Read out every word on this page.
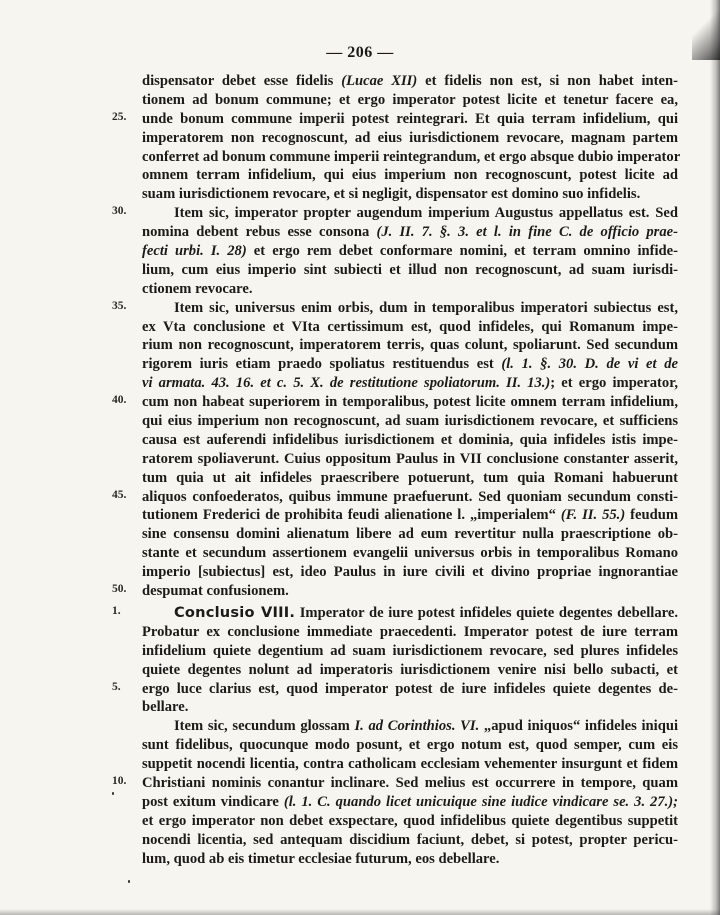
— 206 —
25.
30.
35.
40.
45.
50.
dispensator debet esse fidelis (Lucae XII) et fidelis non est, si non habet inten-
tionem ad bonum commune; et ergo imperator potest licite et tenetur facere ea,
unde bonum commune imperii potest reintegrari. Et quia terram infidelium, qui
imperatorem non recognoscunt, ad eius iurisdictionem revocare, magnam partem
conferret ad bonum commune imperii reintegrandum, et ergo absque dubio imperator
omnem terram infidelium, qui eius imperium non recognoscunt, potest licite ad
suam iurisdictionem revocare, et si negligit, dispensator est domino suo infidelis.
Item sic, imperator propter augendum imperium Augustus appellatus est. Sed
nomina debent rebus esse consona (J. II. 7. §. 3. et l. in fine C. de officio prae-
fecti urbi. I. 28) et ergo rem debet conformare nomini, et terram omnino infide-
lium, cum eius imperio sint subiecti et illud non recognoscunt, ad suam iurisdi-
ctionem revocare.
Item sic, universus enim orbis, dum in temporalibus imperatori subiectus est,
ex Vta conclusione et VIta certissimum est, quod infideles, qui Romanum impe-
rium non recognoscunt, imperatorem terris, quas colunt, spoliarunt. Sed secundum
rigorem iuris etiam praedo spoliatus restituendus est (l. 1. §. 30. D. de vi et de
vi armata. 43. 16. et c. 5. X. de restitutione spoliatorum. II. 13.); et ergo imperator,
cum non habeat superiorem in temporalibus, potest licite omnem terram infidelium,
qui eius imperium non recognoscunt, ad suam iurisdictionem revocare, et sufficiens
causa est auferendi infidelibus iurisdictionem et dominia, quia infideles istis impe-
ratorem spoliaverunt. Cuius oppositum Paulus in VII conclusione constanter asserit,
tum quia ut ait infideles praescribere potuerunt, tum quia Romani habuerunt
aliquos confoederatos, quibus immune praefuerunt. Sed quoniam secundum consti-
tutionem Frederici de prohibita feudi alienatione l. „imperialem“ (F. II. 55.) feudum
sine consensu domini alienatum libere ad eum revertitur nulla praescriptione ob-
stante et secundum assertionem evangelii universus orbis in temporalibus Romano
imperio [subiectus] est, ideo Paulus in iure civili et divino propriae ingnorantiae
despumat confusionem.
1.
5.
10.
Conclusio VIII. Imperator de iure potest infideles quiete degentes debellare.
Probatur ex conclusione immediate praecedenti. Imperator potest de iure terram
infidelium quiete degentium ad suam iurisdictionem revocare, sed plures infideles
quiete degentes nolunt ad imperatoris iurisdictionem venire nisi bello subacti, et
ergo luce clarius est, quod imperator potest de iure infideles quiete degentes de-
bellare.
Item sic, secundum glossam I. ad Corinthios. VI. „apud iniquos“ infideles iniqui
sunt fidelibus, quocunque modo posunt, et ergo notum est, quod semper, cum eis
suppetit nocendi licentia, contra catholicam ecclesiam vehementer insurgunt et fidem
Christiani nominis conantur inclinare. Sed melius est occurrere in tempore, quam
post exitum vindicare (l. 1. C. quando licet unicuique sine iudice vindicare se. 3. 27.);
et ergo imperator non debet exspectare, quod infidelibus quiete degentibus suppetit
nocendi licentia, sed antequam discidium faciunt, debet, si potest, propter pericu-
lum, quod ab eis timetur ecclesiae futurum, eos debellare.
